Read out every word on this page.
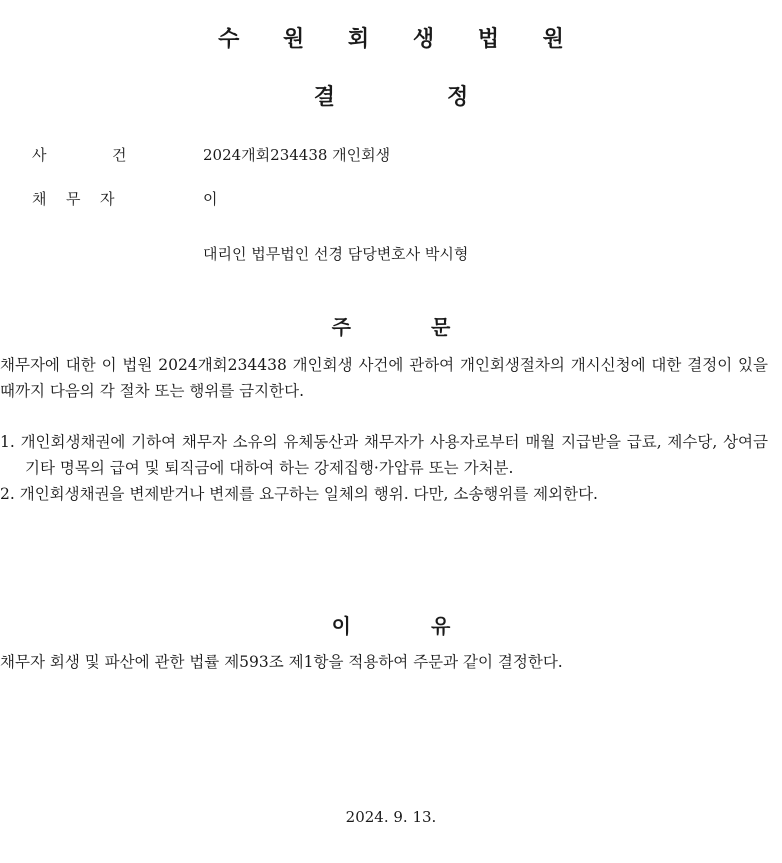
수 원 회 생 법 원
결	정
사	건	2024개회234438 개인회생
채 무 자	이
대리인 법무법인 선경 담당변호사 박시형
주	문
채무자에 대한 이 법원 2024개회234438 개인회생 사건에 관하여 개인회생절차의 개시신청에 대한 결정이 있을 때까지 다음의 각 절차 또는 행위를 금지한다.
1. 개인회생채권에 기하여 채무자 소유의 유체동산과 채무자가 사용자로부터 매월 지급받을 급료, 제수당, 상여금 기타 명목의 급여 및 퇴직금에 대하여 하는 강제집행·가압류 또는 가처분.
2. 개인회생채권을 변제받거나 변제를 요구하는 일체의 행위. 다만, 소송행위를 제외한다.
이	유
채무자 회생 및 파산에 관한 법률 제593조 제1항을 적용하여 주문과 같이 결정한다.
2024. 9. 13.
